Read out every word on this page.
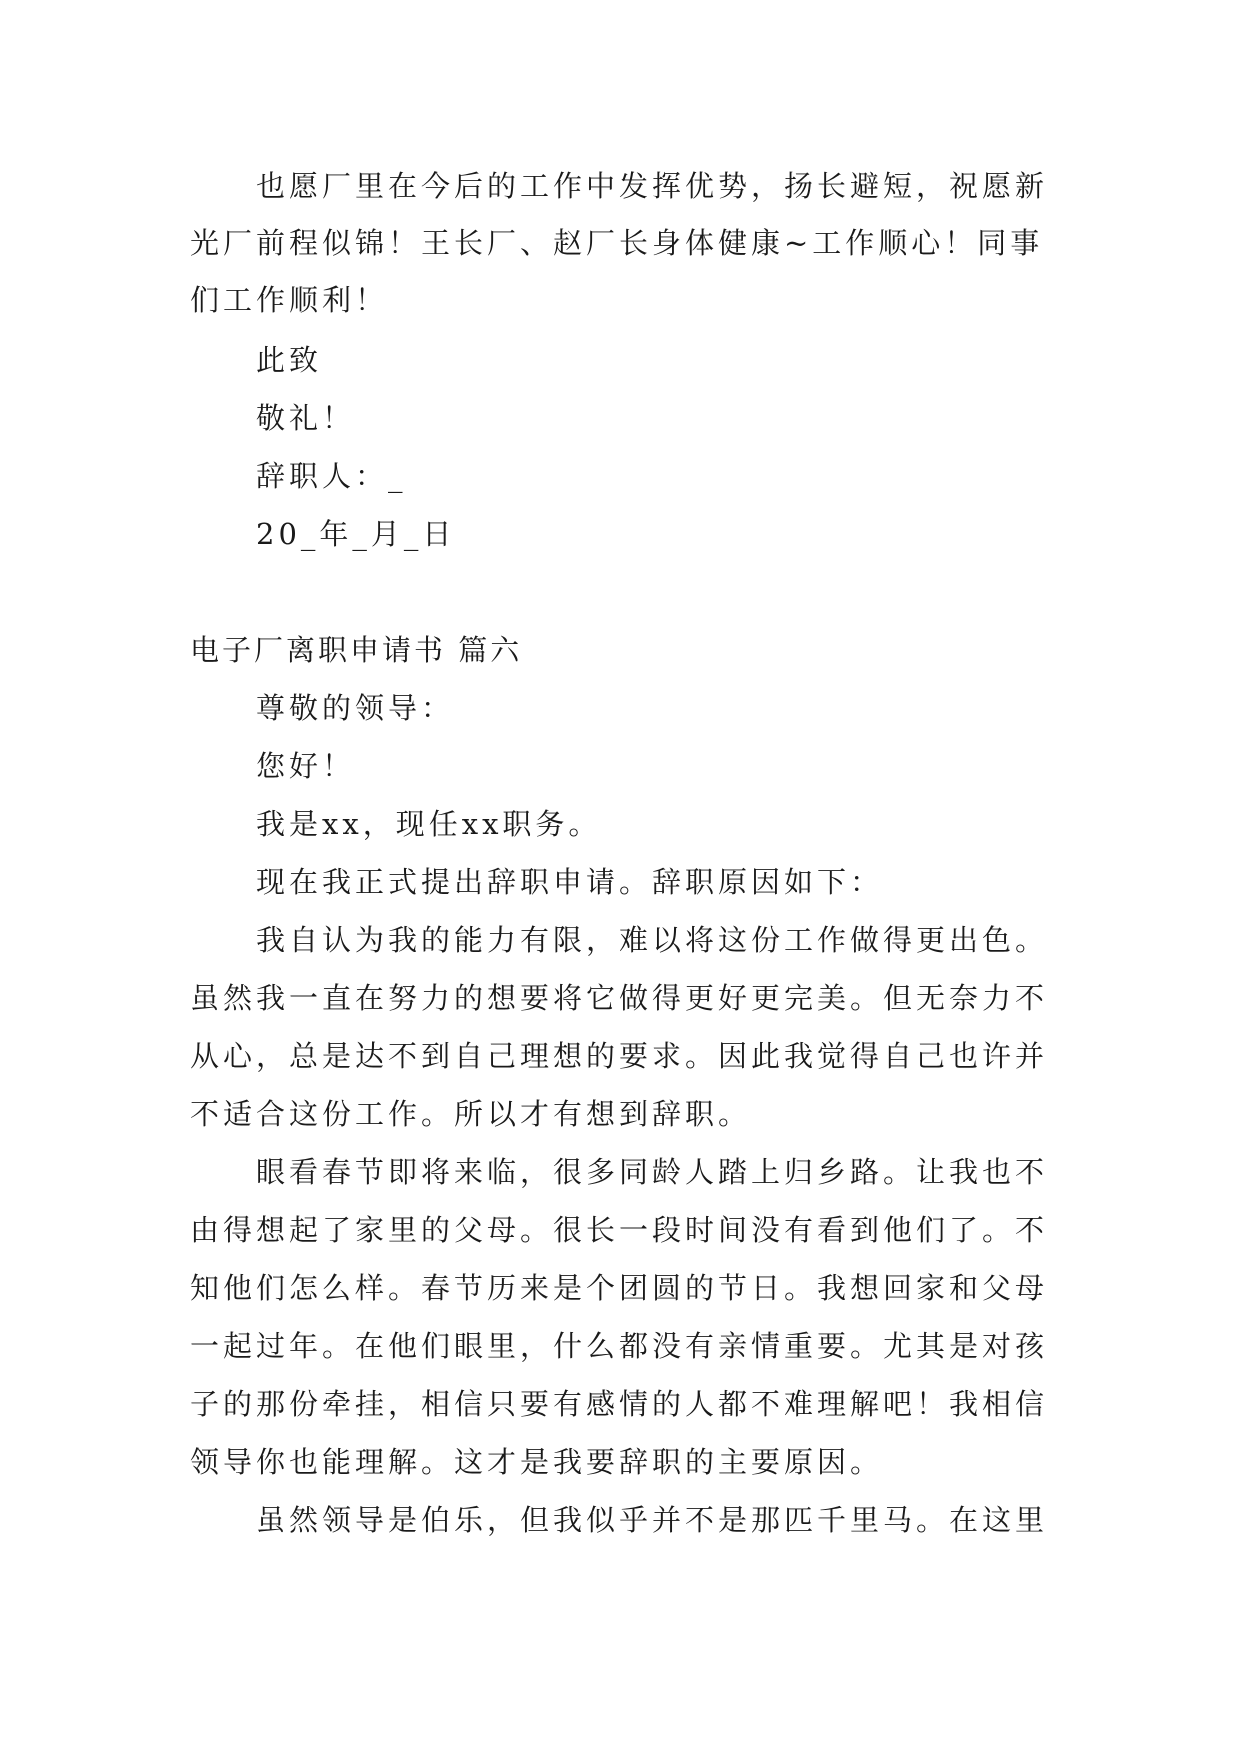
也愿厂里在今后的工作中发挥优势，扬长避短，祝愿新
光厂前程似锦！王长厂、赵厂长身体健康~工作顺心！同事
们工作顺利！
此致
敬礼！
辞职人：_
20_年_月_日
电子厂离职申请书 篇六
尊敬的领导：
您好！
我是xx，现任xx职务。
现在我正式提出辞职申请。辞职原因如下：
我自认为我的能力有限，难以将这份工作做得更出色。
虽然我一直在努力的想要将它做得更好更完美。但无奈力不
从心，总是达不到自己理想的要求。因此我觉得自己也许并
不适合这份工作。所以才有想到辞职。
眼看春节即将来临，很多同龄人踏上归乡路。让我也不
由得想起了家里的父母。很长一段时间没有看到他们了。不
知他们怎么样。春节历来是个团圆的节日。我想回家和父母
一起过年。在他们眼里，什么都没有亲情重要。尤其是对孩
子的那份牵挂，相信只要有感情的人都不难理解吧！我相信
领导你也能理解。这才是我要辞职的主要原因。
虽然领导是伯乐，但我似乎并不是那匹千里马。在这里
